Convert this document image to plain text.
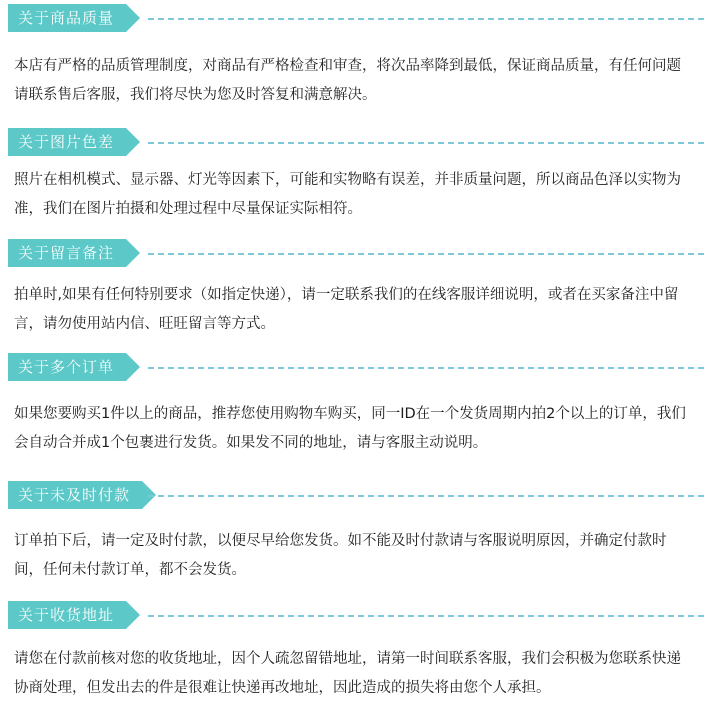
关于商品质量
本店有严格的品质管理制度，对商品有严格检查和审查，将次品率降到最低，保证商品质量，有任何问题请联系售后客服，我们将尽快为您及时答复和满意解决。
关于图片色差
照片在相机模式、显示器、灯光等因素下，可能和实物略有误差，并非质量问题，所以商品色泽以实物为准，我们在图片拍摄和处理过程中尽量保证实际相符。
关于留言备注
拍单时,如果有任何特别要求（如指定快递），请一定联系我们的在线客服详细说明，或者在买家备注中留言，请勿使用站内信、旺旺留言等方式。
关于多个订单
如果您要购买1件以上的商品，推荐您使用购物车购买，同一ID在一个发货周期内拍2个以上的订单，我们会自动合并成1个包裹进行发货。如果发不同的地址，请与客服主动说明。
关于未及时付款
订单拍下后，请一定及时付款，以便尽早给您发货。如不能及时付款请与客服说明原因，并确定付款时间，任何未付款订单，都不会发货。
关于收货地址
请您在付款前核对您的收货地址，因个人疏忽留错地址，请第一时间联系客服，我们会积极为您联系快递协商处理，但发出去的件是很难让快递再改地址，因此造成的损失将由您个人承担。
